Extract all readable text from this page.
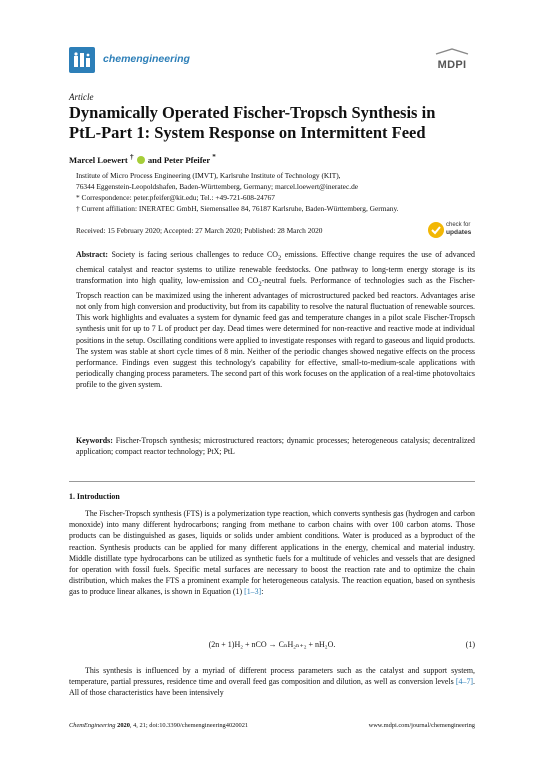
chemengineering	MDPI
Article
Dynamically Operated Fischer-Tropsch Synthesis in
PtL-Part 1: System Response on Intermittent Feed
Marcel Loewert † and Peter Pfeifer *
Institute of Micro Process Engineering (IMVT), Karlsruhe Institute of Technology (KIT),
76344 Eggenstein-Leopoldshafen, Baden-Württemberg, Germany; marcel.loewert@ineratec.de
* Correspondence: peter.pfeifer@kit.edu; Tel.: +49-721-608-24767
† Current affiliation: INERATEC GmbH, Siemensallee 84, 76187 Karlsruhe, Baden-Württemberg, Germany.
Received: 15 February 2020; Accepted: 27 March 2020; Published: 28 March 2020
check for
updates
Abstract: Society is facing serious challenges to reduce $CO_2$ emissions. Effective change requires the use of advanced chemical catalyst and reactor systems to utilize renewable feedstocks. One pathway to long-term energy storage is its transformation into high quality, low-emission and $CO_2$-neutral fuels. Performance of technologies such as the Fischer-Tropsch reaction can be maximized using the inherent advantages of microstructured packed bed reactors. Advantages arise not only from high conversion and productivity, but from its capability to resolve the natural fluctuation of renewable sources. This work highlights and evaluates a system for dynamic feed gas and temperature changes in a pilot scale Fischer-Tropsch synthesis unit for up to 7 L of product per day. Dead times were determined for non-reactive and reactive mode at individual positions in the setup. Oscillating conditions were applied to investigate responses with regard to gaseous and liquid products. The system was stable at short cycle times of 8 min. Neither of the periodic changes showed negative effects on the process performance. Findings even suggest this technology's capability for effective, small-to-medium-scale applications with periodically changing process parameters. The second part of this work focuses on the application of a real-time photovoltaics profile to the given system.
Keywords: Fischer-Tropsch synthesis; microstructured reactors; dynamic processes; heterogeneous catalysis; decentralized application; compact reactor technology; PtX; PtL
1. Introduction

The Fischer-Tropsch synthesis (FTS) is a polymerization type reaction, which converts synthesis gas (hydrogen and carbon monoxide) into many different hydrocarbons; ranging from methane to carbon chains with over 100 carbon atoms. Those products can be distinguished as gases, liquids or solids under ambient conditions. Water is produced as a byproduct of the reaction. Synthesis products can be applied for many different applications in the energy, chemical and material industry. Middle distillate type hydrocarbons can be utilized as synthetic fuels for a multitude of vehicles and vessels that are designed for operation with fossil fuels. Specific metal surfaces are necessary to boost the reaction rate and to optimize the chain distribution, which makes the FTS a prominent example for heterogeneous catalysis. The reaction equation, based on synthesis gas to produce linear alkanes, is shown in Equation (1) [1–3]:

(2n + 1)H₂ + nCO → CₙH₂ₙ₊₂ + nH₂O.	(1)

This synthesis is influenced by a myriad of different process parameters such as the catalyst and support system, temperature, partial pressures, residence time and overall feed gas composition and dilution, as well as conversion levels [4–7]. All of those characteristics have been intensively

ChemEngineering 2020, 4, 21; doi:10.3390/chemengineering4020021	www.mdpi.com/journal/chemengineering
